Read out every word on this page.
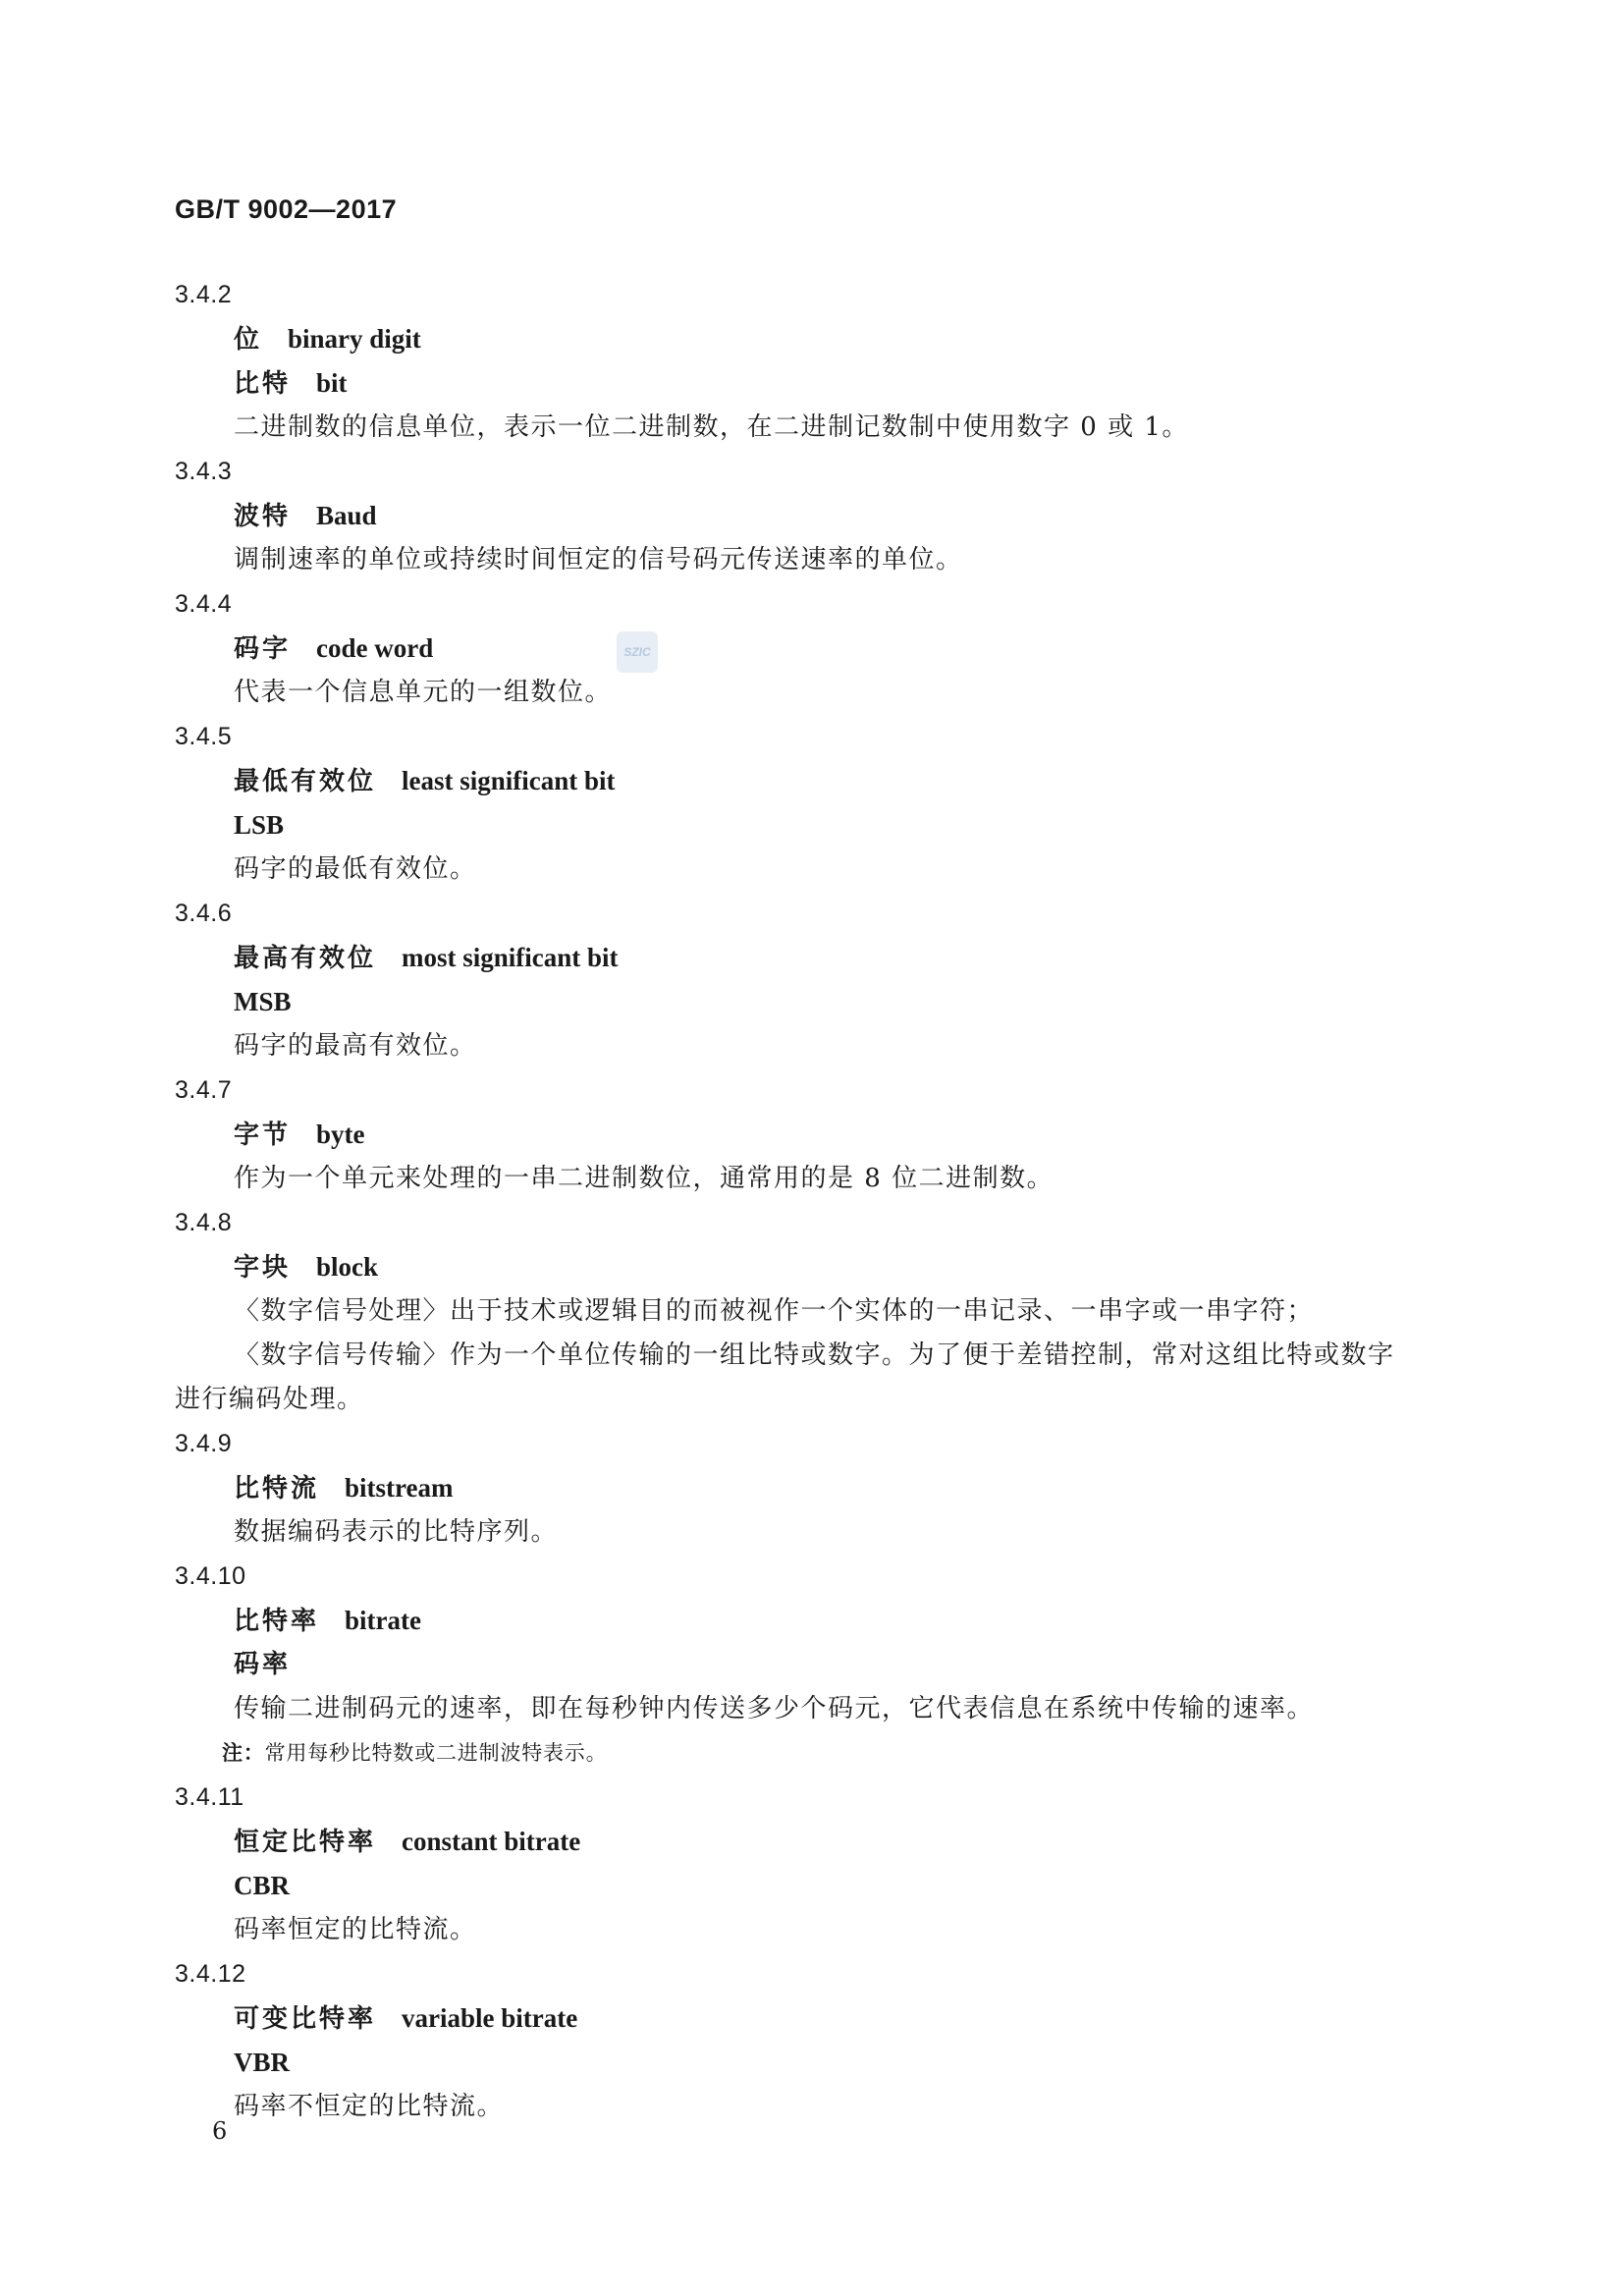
GB/T 9002—2017
SZIC
3.4.2
位 binary digit
比特 bit
二进制数的信息单位，表示一位二进制数，在二进制记数制中使用数字 0 或 1。
3.4.3
波特 Baud
调制速率的单位或持续时间恒定的信号码元传送速率的单位。
3.4.4
码字 code word
代表一个信息单元的一组数位。
3.4.5
最低有效位 least significant bit
LSB
码字的最低有效位。
3.4.6
最高有效位 most significant bit
MSB
码字的最高有效位。
3.4.7
字节 byte
作为一个单元来处理的一串二进制数位，通常用的是 8 位二进制数。
3.4.8
字块 block
〈数字信号处理〉出于技术或逻辑目的而被视作一个实体的一串记录、一串字或一串字符；
〈数字信号传输〉作为一个单位传输的一组比特或数字。为了便于差错控制，常对这组比特或数字
进行编码处理。
3.4.9
比特流 bitstream
数据编码表示的比特序列。
3.4.10
比特率 bitrate
码率
传输二进制码元的速率，即在每秒钟内传送多少个码元，它代表信息在系统中传输的速率。
注：常用每秒比特数或二进制波特表示。
3.4.11
恒定比特率 constant bitrate
CBR
码率恒定的比特流。
3.4.12
可变比特率 variable bitrate
VBR
码率不恒定的比特流。
6
